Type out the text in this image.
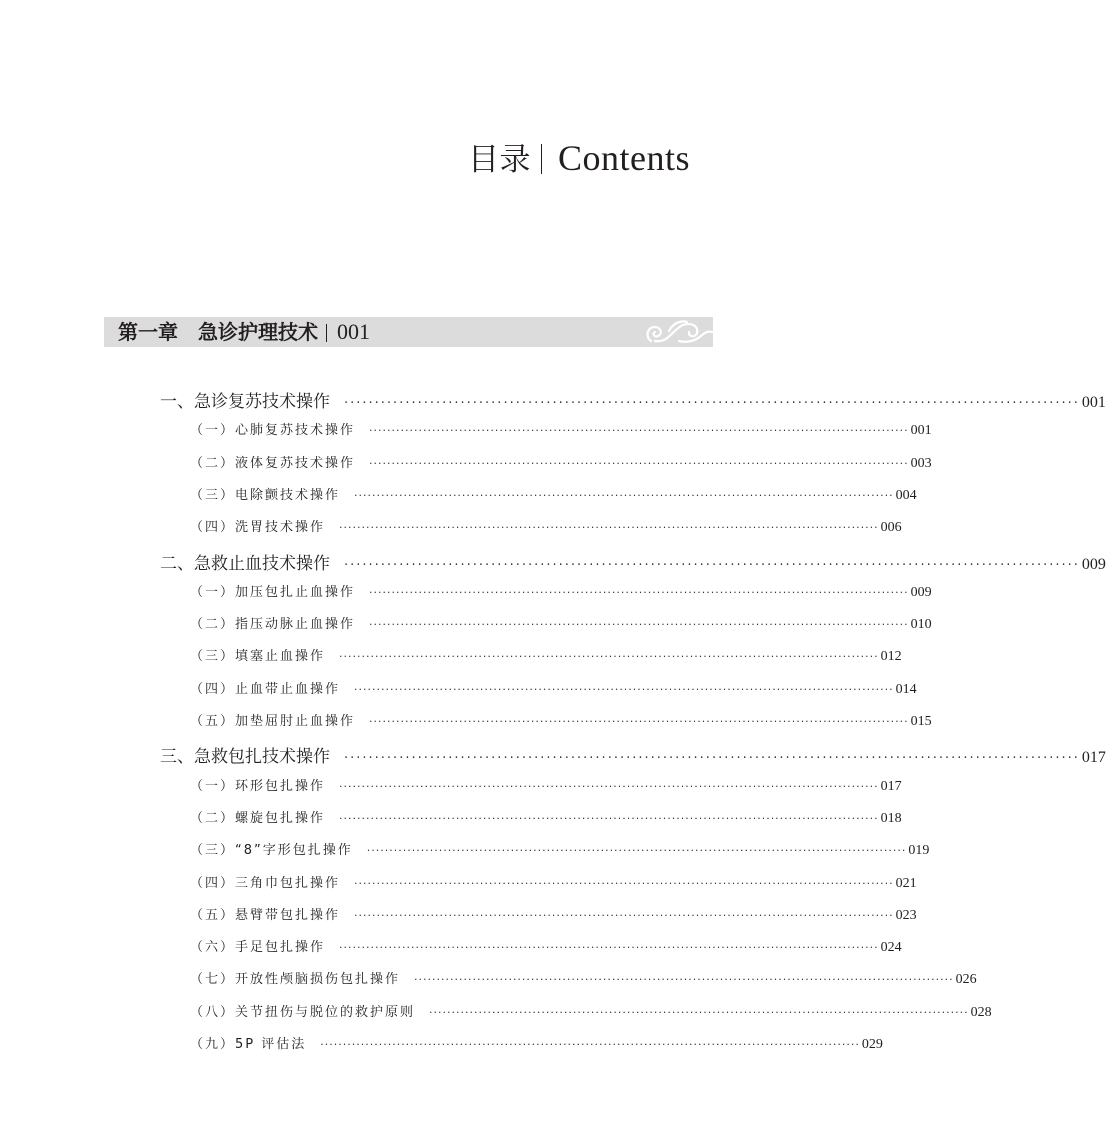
目录 Contents
第一章 急诊护理技术 001
一、急诊复苏技术操作 ························································································································ 001
（一）心肺复苏技术操作 ························································································································ 001
（二）液体复苏技术操作 ························································································································ 003
（三）电除颤技术操作 ························································································································ 004
（四）洗胃技术操作 ························································································································ 006
二、急救止血技术操作 ························································································································ 009
（一）加压包扎止血操作 ························································································································ 009
（二）指压动脉止血操作 ························································································································ 010
（三）填塞止血操作 ························································································································ 012
（四）止血带止血操作 ························································································································ 014
（五）加垫屈肘止血操作 ························································································································ 015
三、急救包扎技术操作 ························································································································ 017
（一）环形包扎操作 ························································································································ 017
（二）螺旋包扎操作 ························································································································ 018
（三）“8”字形包扎操作 ························································································································ 019
（四）三角巾包扎操作 ························································································································ 021
（五）悬臂带包扎操作 ························································································································ 023
（六）手足包扎操作 ························································································································ 024
（七）开放性颅脑损伤包扎操作 ························································································································ 026
（八）关节扭伤与脱位的救护原则 ························································································································ 028
（九）5P 评估法 ························································································································ 029
